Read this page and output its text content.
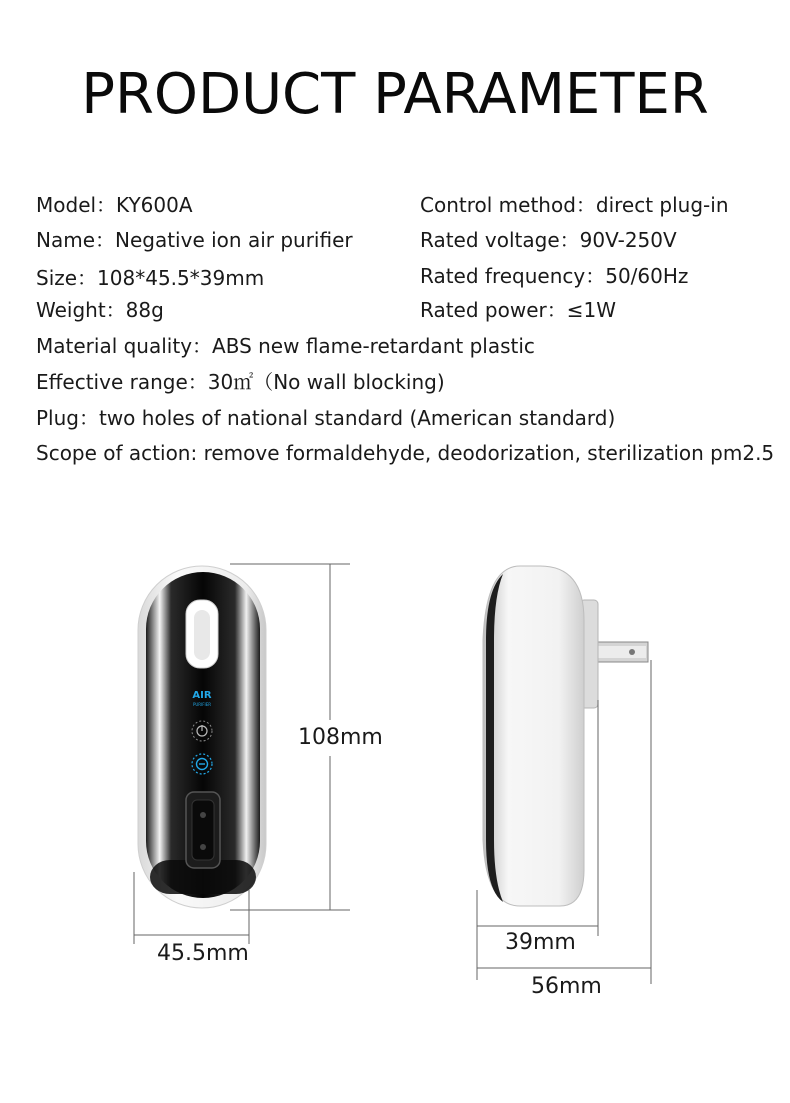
PRODUCT PARAMETER
Model：KY600A
Name：Negative ion air purifier
Size：108*45.5*39mm
Weight：88g
Control method：direct plug-in
Rated voltage：90V-250V
Rated frequency：50/60Hz
Rated power：≤1W
Material quality：ABS new flame-retardant plastic
Effective range：30㎡（No wall blocking)
Plug：two holes of national standard (American standard)
Scope of action: remove formaldehyde, deodorization, sterilization pm2.5
AIR
PURIFIER
108mm
45.5mm	39mm
56mm
